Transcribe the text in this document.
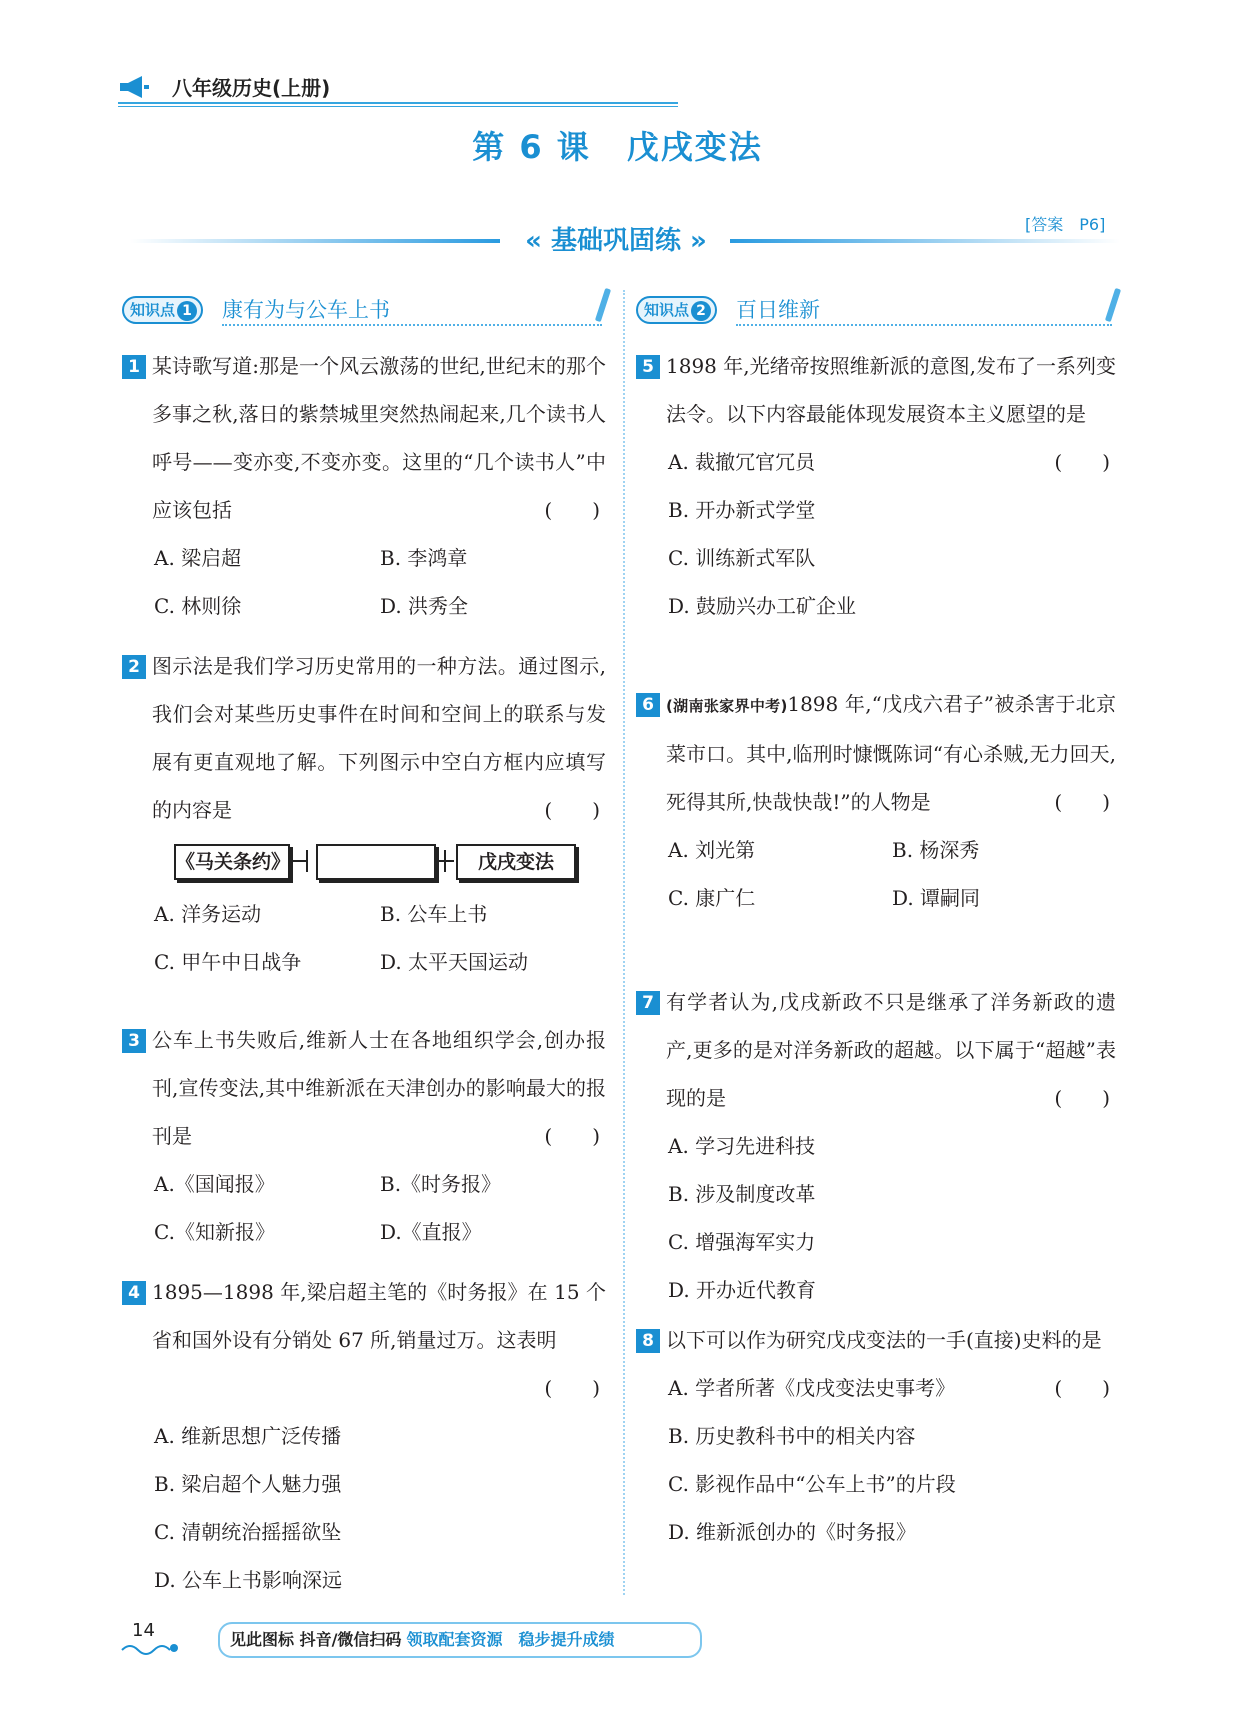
八年级历史(上册)
第 6 课 戊戌变法
« 基础巩固练 »
[答案　P6]
知识点 1	康有为与公车上书	知识点 2	百日维新
1 某诗歌写道:那是一个风云激荡的世纪,世纪末的那个多事之秋,落日的紫禁城里突然热闹起来,几个读书人呼号——变亦变,不变亦变。这里的“几个读书人”中应该包括	(　　)
A. 梁启超	B. 李鸿章
C. 林则徐	D. 洪秀全
2 图示法是我们学习历史常用的一种方法。通过图示,我们会对某些历史事件在时间和空间上的联系与发展有更直观地了解。下列图示中空白方框内应填写的内容是	(　　)
《马关条约》	戊戌变法
A. 洋务运动	B. 公车上书
C. 甲午中日战争	D. 太平天国运动
3 公车上书失败后,维新人士在各地组织学会,创办报刊,宣传变法,其中维新派在天津创办的影响最大的报刊是	(　　)
A.《国闻报》	B.《时务报》
C.《知新报》	D.《直报》
4 1895—1898 年,梁启超主笔的《时务报》在 15 个省和国外设有分销处 67 所,销量过万。这表明
(　　)
A. 维新思想广泛传播
B. 梁启超个人魅力强
C. 清朝统治摇摇欲坠
D. 公车上书影响深远
5 1898 年,光绪帝按照维新派的意图,发布了一系列变法令。以下内容最能体现发展资本主义愿望的是
(　　)
A. 裁撤冗官冗员
B. 开办新式学堂
C. 训练新式军队
D. 鼓励兴办工矿企业
6 (湖南张家界中考)1898 年,“戊戌六君子”被杀害于北京菜市口。其中,临刑时慷慨陈词“有心杀贼,无力回天,死得其所,快哉快哉!”的人物是	(　　)
A. 刘光第	B. 杨深秀
C. 康广仁	D. 谭嗣同
7 有学者认为,戊戌新政不只是继承了洋务新政的遗产,更多的是对洋务新政的超越。以下属于“超越”表现的是	(　　)
A. 学习先进科技
B. 涉及制度改革
C. 增强海军实力
D. 开办近代教育
8 以下可以作为研究戊戌变法的一手(直接)史料的是
(　　)
A. 学者所著《戊戌变法史事考》
B. 历史教科书中的相关内容
C. 影视作品中“公车上书”的片段
D. 维新派创办的《时务报》
14	见此图标 抖音/微信扫码 领取配套资源　稳步提升成绩
